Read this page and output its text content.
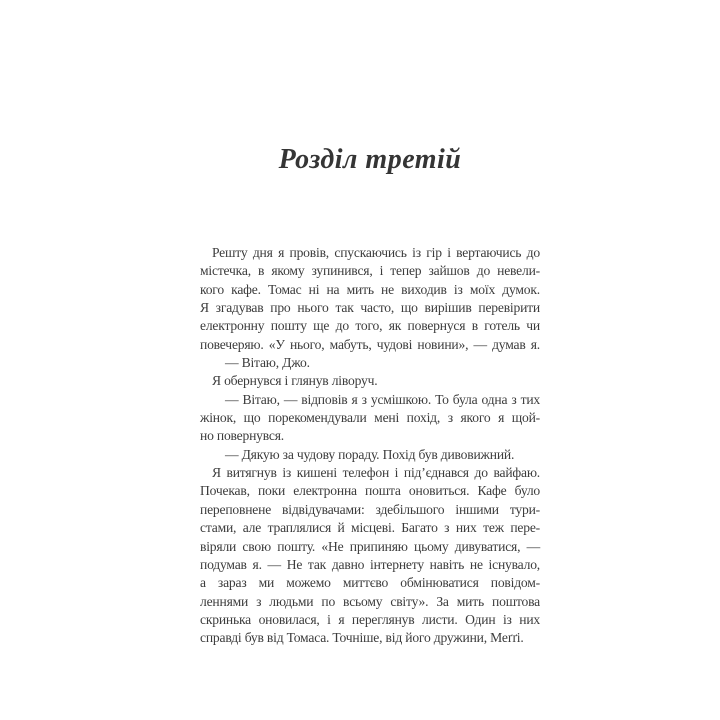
Розділ третій
Решту дня я провів, спускаючись із гір і вертаючись до
містечка, в якому зупинився, і тепер зайшов до невели-
кого кафе. Томас ні на мить не виходив із моїх думок.
Я згадував про нього так часто, що вирішив перевірити
електронну пошту ще до того, як повернуся в готель чи
повечеряю. «У нього, мабуть, чудові новини», — думав я.
— Вітаю, Джо.
Я обернувся і глянув ліворуч.
— Вітаю, — відповів я з усмішкою. То була одна з тих
жінок, що порекомендували мені похід, з якого я щой-
но повернувся.
— Дякую за чудову пораду. Похід був дивовижний.
Я витягнув із кишені телефон і під’єднався до вайфаю.
Почекав, поки електронна пошта оновиться. Кафе було
переповнене відвідувачами: здебільшого іншими тури-
стами, але траплялися й місцеві. Багато з них теж пере-
віряли свою пошту. «Не припиняю цьому дивуватися, —
подумав я. — Не так давно інтернету навіть не існувало,
а зараз ми можемо миттєво обмінюватися повідом-
леннями з людьми по всьому світу». За мить поштова
скринька оновилася, і я переглянув листи. Один із них
справді був від Томаса. Точніше, від його дружини, Меґґі.
